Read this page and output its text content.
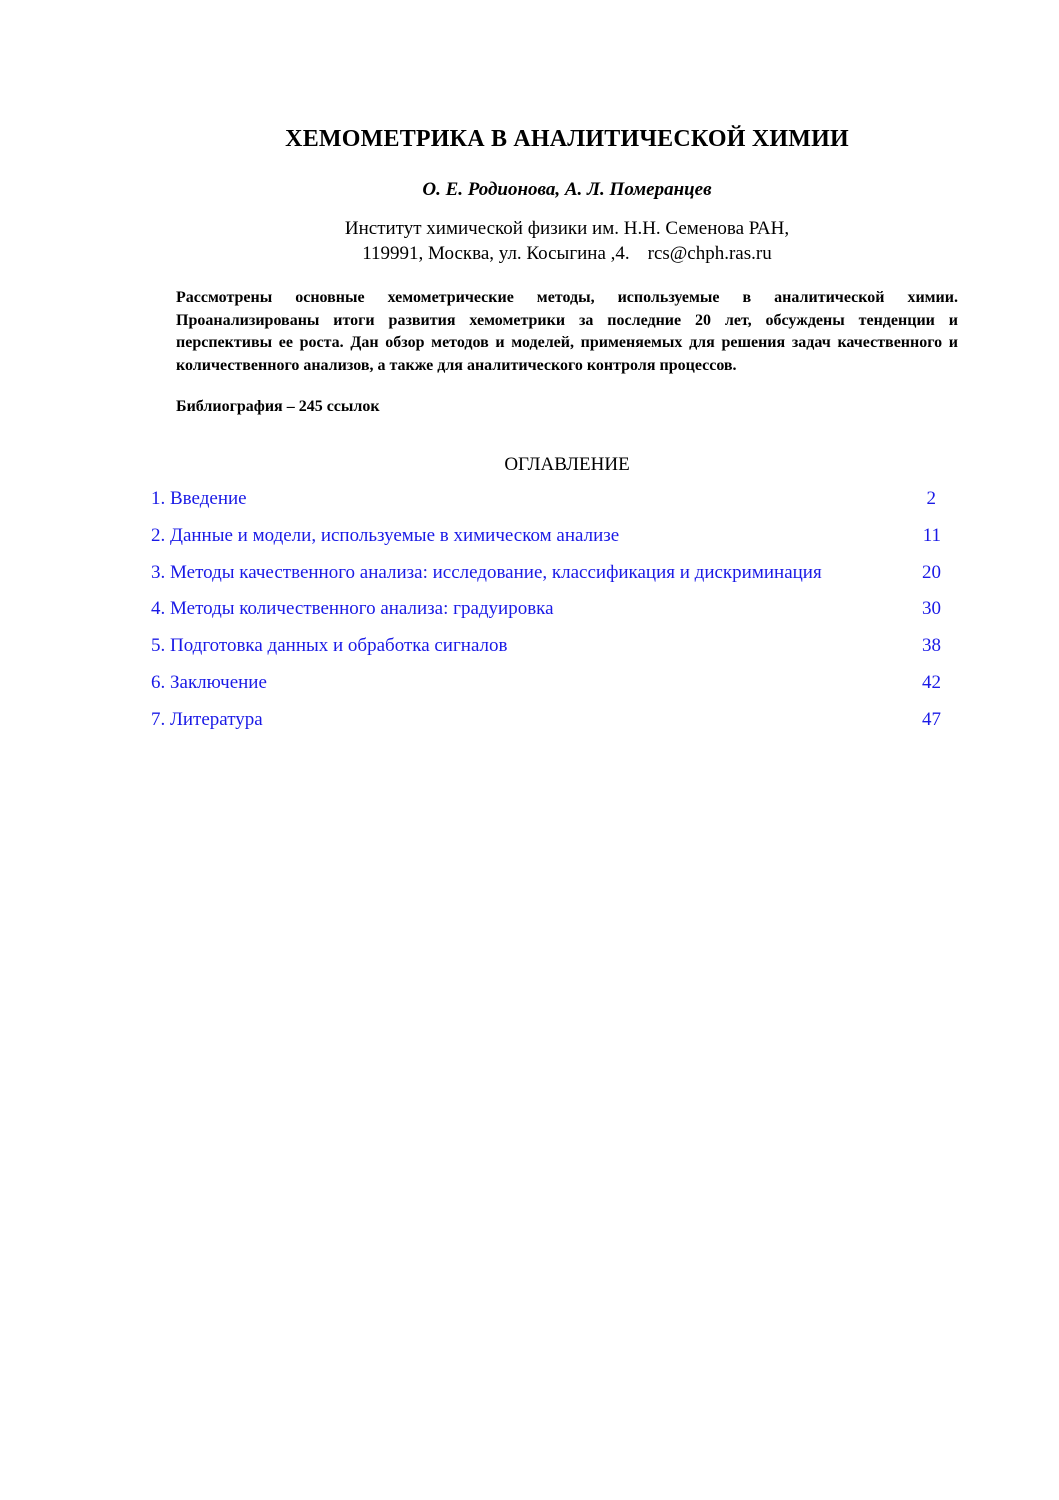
ХЕМОМЕТРИКА В АНАЛИТИЧЕСКОЙ ХИМИИ
О. Е. Родионова, А. Л. Померанцев
Институт химической физики им. Н.Н. Семенова РАН,
119991, Москва, ул. Косыгина ,4. rcs@chph.ras.ru
Рассмотрены основные хемометрические методы, используемые в аналитической химии. Проанализированы итоги развития хемометрики за последние 20 лет, обсуждены тенденции и перспективы ее роста. Дан обзор методов и моделей, применяемых для решения задач качественного и количественного анализов, а также для аналитического контроля процессов.
Библиография – 245 ссылок
ОГЛАВЛЕНИЕ
1. Введение	2
2. Данные и модели, используемые в химическом анализе	11
3. Методы качественного анализа: исследование, классификация и дискриминация	20
4. Методы количественного анализа: градуировка	30
5. Подготовка данных и обработка сигналов	38
6. Заключение	42
7. Литература	47
